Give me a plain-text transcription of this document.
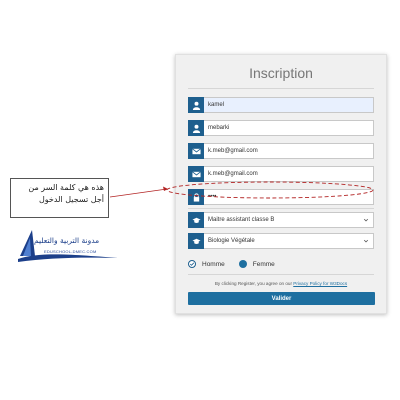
Inscription
kamel
mebarki
k.meb@gmail.com
k.meb@gmail.com
••••
Maitre assistant classe B
Biologie Végétale
Homme	Femme
By clicking Register, you agree on our Privacy Policy for W3Docs
Valider
هذه هي كلمة السر من أجل تسجيل الدخول
مدونة التربية والتعليم
EDUSCHOOL-DMEC.COM
